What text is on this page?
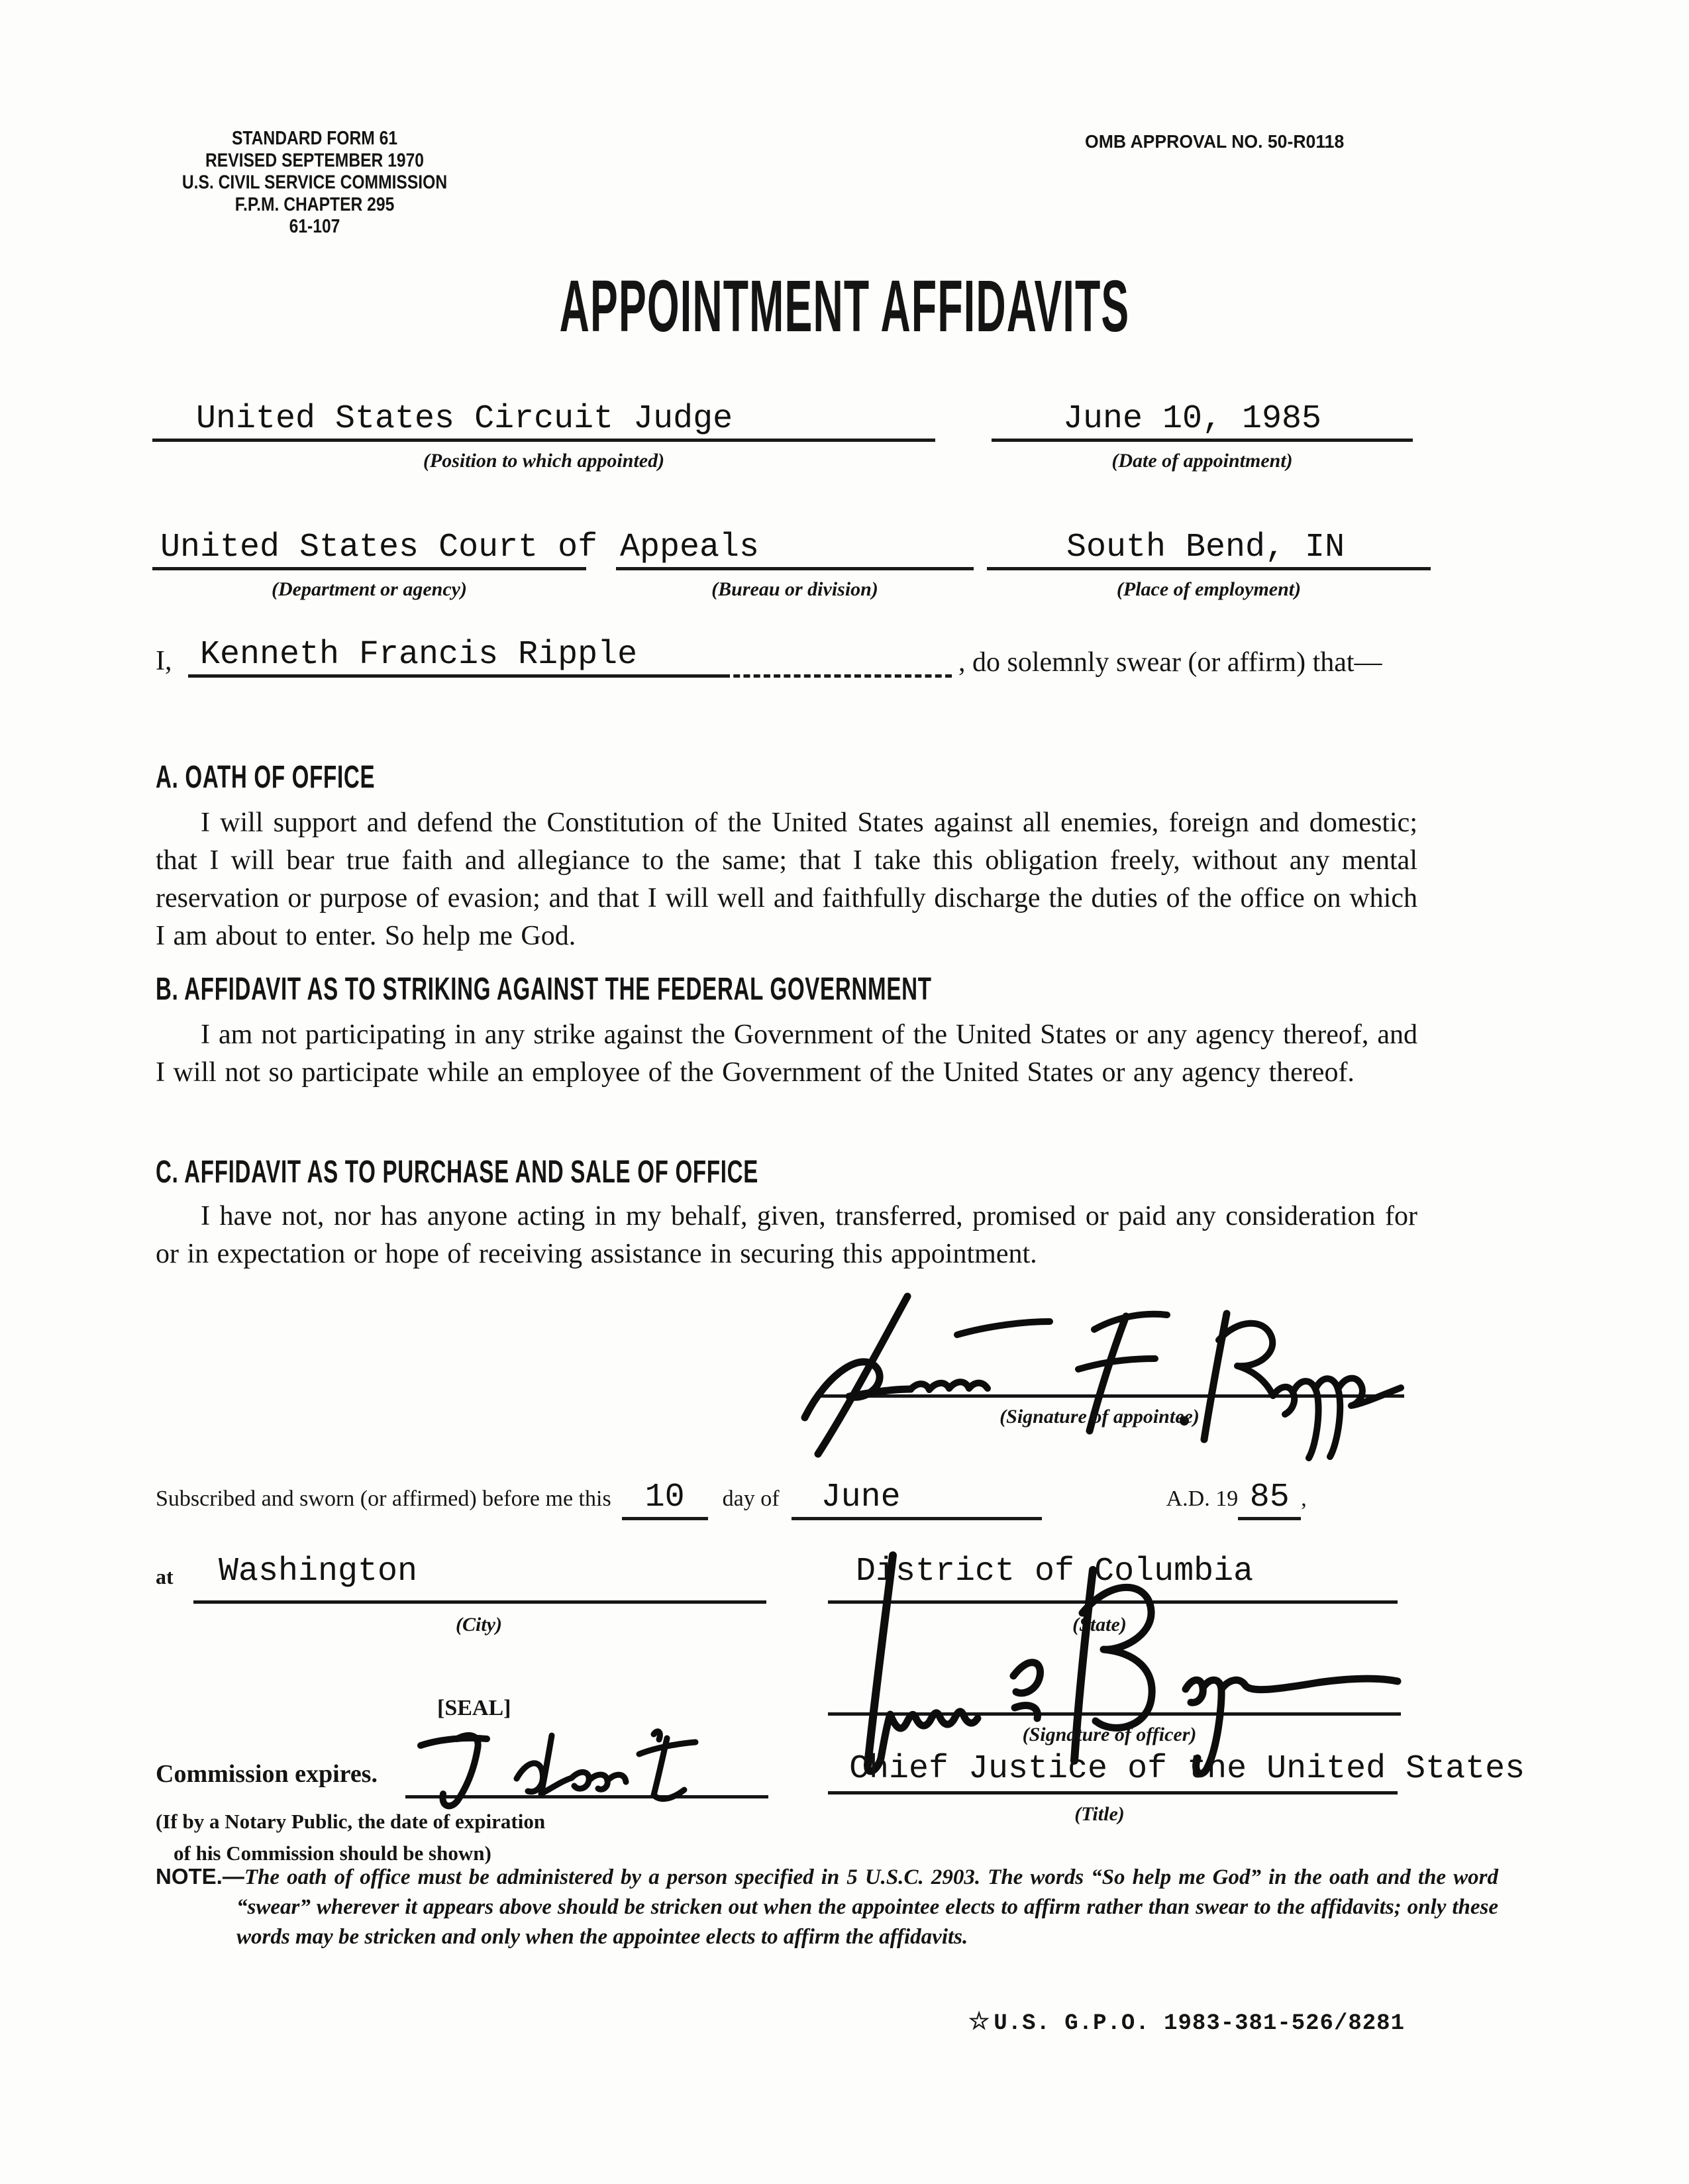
STANDARD FORM 61
REVISED SEPTEMBER 1970
U.S. CIVIL SERVICE COMMISSION
F.P.M. CHAPTER 295
61-107
OMB APPROVAL NO. 50-R0118
APPOINTMENT AFFIDAVITS
United States Circuit Judge
(Position to which appointed)
June 10, 1985
(Date of appointment)
United States Court of
(Department or agency)
Appeals
(Bureau or division)
South Bend, IN
(Place of employment)
I, Kenneth Francis Ripple	, do solemnly swear (or affirm) that—
A. OATH OF OFFICE
I will support and defend the Constitution of the United States against all enemies, foreign and domestic; that I will bear true faith and allegiance to the same; that I take this obligation freely, without any mental reservation or purpose of evasion; and that I will well and faithfully discharge the duties of the office on which I am about to enter. So help me God.
B. AFFIDAVIT AS TO STRIKING AGAINST THE FEDERAL GOVERNMENT
I am not participating in any strike against the Government of the United States or any agency thereof, and I will not so participate while an employee of the Government of the United States or any agency thereof.
C. AFFIDAVIT AS TO PURCHASE AND SALE OF OFFICE
I have not, nor has anyone acting in my behalf, given, transferred, promised or paid any consideration for or in expectation or hope of receiving assistance in securing this appointment.
(Signature of appointee)
Subscribed and sworn (or affirmed) before me this 10 day of June	A.D. 19 85 ,
at Washington
(City)
District of Columbia
(State)
(Signature of officer)
[SEAL]
Commission expires.
(If by a Notary Public, the date of expiration
of his Commission should be shown)
Chief Justice of the United States
(Title)
NOTE.—The oath of office must be administered by a person specified in 5 U.S.C. 2903. The words “So help me God” in the oath and the word “swear” wherever it appears above should be stricken out when the appointee elects to affirm rather than swear to the affidavits; only these words may be stricken and only when the appointee elects to affirm the affidavits.
☆ U.S. G.P.O. 1983-381-526/8281
